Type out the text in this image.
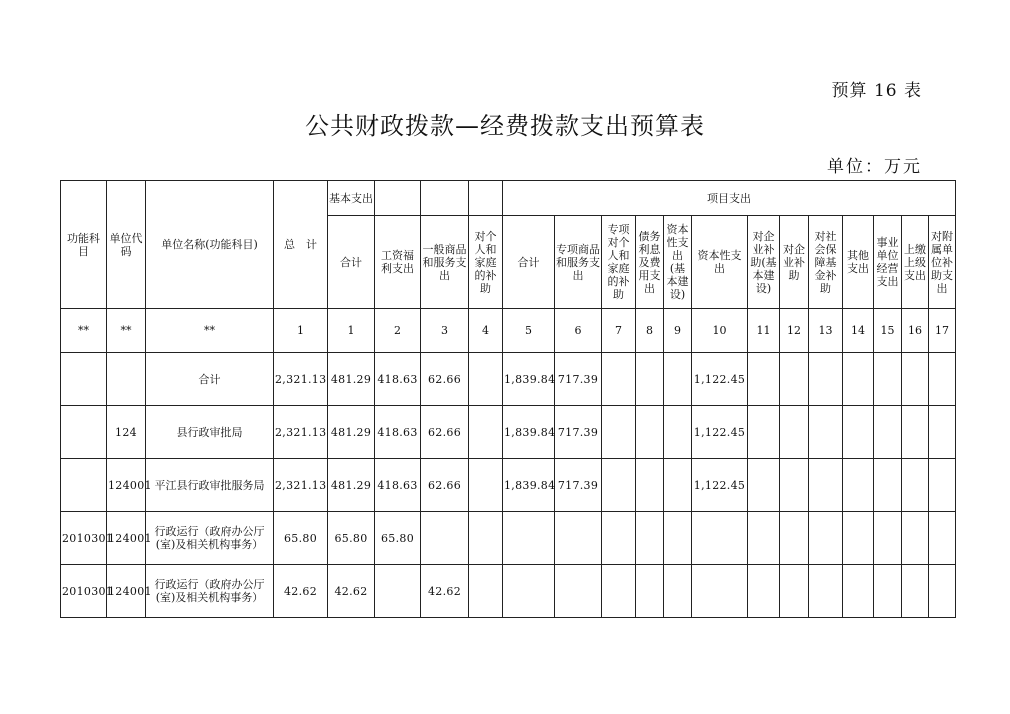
预算 16 表
公共财政拨款—经费拨款支出预算表
单位：万元
功能科目	单位代码	单位名称(功能科目)	总　计	基本支出				项目支出												
				合计	工资福利支出	一般商品和服务支出	对个人和家庭的补助	合计	专项商品和服务支出	专项对个人和家庭的补助	债务利息及费用支出	资本性支出(基本建设)	资本性支出	对企业补助(基本建设)	对企业补助	对社会保障基金补助	其他支出	事业单位经营支出	上缴上级支出	对附属单位补助支出
**	**	**	1	1	2	3	4	5	6	7	8	9	10	11	12	13	14	15	16	17
		合计	2,321.13	481.29	418.63	62.66		1,839.84	717.39				1,122.45							
	124	县行政审批局	2,321.13	481.29	418.63	62.66		1,839.84	717.39				1,122.45							
	124001	平江县行政审批服务局	2,321.13	481.29	418.63	62.66		1,839.84	717.39				1,122.45							
2010301	124001	行政运行（政府办公厅(室)及相关机构事务）	65.80	65.80	65.80															
2010301	124001	行政运行（政府办公厅(室)及相关机构事务）	42.62	42.62		42.62														
